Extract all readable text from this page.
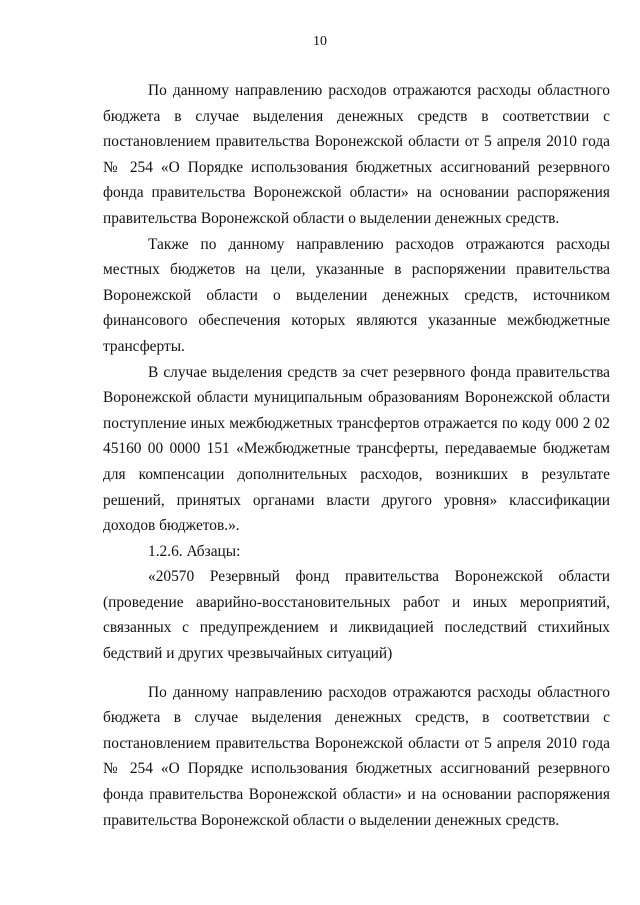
10

По данному направлению расходов отражаются расходы областного бюджета в случае выделения денежных средств в соответствии с постановлением правительства Воронежской области от 5 апреля 2010 года № 254 «О Порядке использования бюджетных ассигнований резервного фонда правительства Воронежской области» на основании распоряжения правительства Воронежской области о выделении денежных средств.

Также по данному направлению расходов отражаются расходы местных бюджетов на цели, указанные в распоряжении правительства Воронежской области о выделении денежных средств, источником финансового обеспечения которых являются указанные межбюджетные трансферты.

В случае выделения средств за счет резервного фонда правительства Воронежской области муниципальным образованиям Воронежской области поступление иных межбюджетных трансфертов отражается по коду 000 2 02 45160 00 0000 151 «Межбюджетные трансферты, передаваемые бюджетам для компенсации дополнительных расходов, возникших в результате решений, принятых органами власти другого уровня» классификации доходов бюджетов.».

1.2.6. Абзацы:

«20570 Резервный фонд правительства Воронежской области (проведение аварийно-восстановительных работ и иных мероприятий, связанных с предупреждением и ликвидацией последствий стихийных бедствий и других чрезвычайных ситуаций)

По данному направлению расходов отражаются расходы областного бюджета в случае выделения денежных средств, в соответствии с постановлением правительства Воронежской области от 5 апреля 2010 года № 254 «О Порядке использования бюджетных ассигнований резервного фонда правительства Воронежской области» и на основании распоряжения правительства Воронежской области о выделении денежных средств.
